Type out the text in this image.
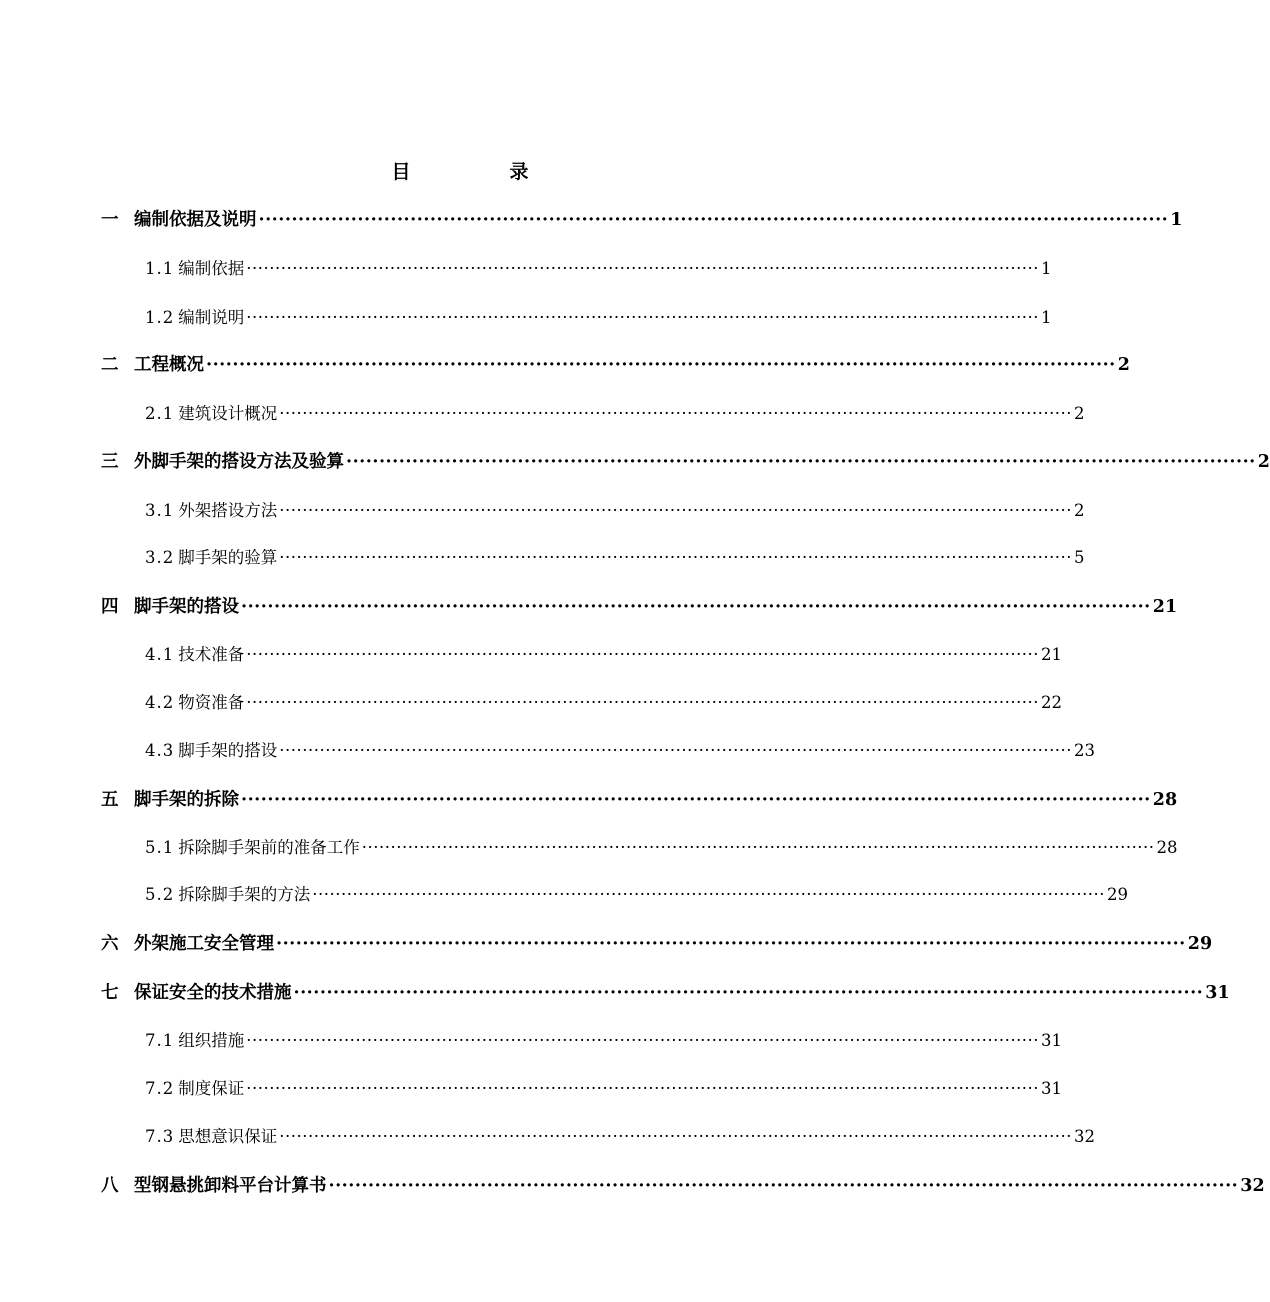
目　录
一 编制依据及说明 ·········································································································································· 1
1.1 编制依据 ·········································································································································· 1
1.2 编制说明 ·········································································································································· 1
二 工程概况 ·········································································································································· 2
2.1 建筑设计概况 ·········································································································································· 2
三 外脚手架的搭设方法及验算 ·········································································································································· 2
3.1 外架搭设方法 ·········································································································································· 2
3.2 脚手架的验算 ·········································································································································· 5
四 脚手架的搭设 ·········································································································································· 21
4.1 技术准备 ·········································································································································· 21
4.2 物资准备 ·········································································································································· 22
4.3 脚手架的搭设 ·········································································································································· 23
五 脚手架的拆除 ·········································································································································· 28
5.1 拆除脚手架前的准备工作 ·········································································································································· 28
5.2 拆除脚手架的方法 ·········································································································································· 29
六 外架施工安全管理 ·········································································································································· 29
七 保证安全的技术措施 ·········································································································································· 31
7.1 组织措施 ·········································································································································· 31
7.2 制度保证 ·········································································································································· 31
7.3 思想意识保证 ·········································································································································· 32
八 型钢悬挑卸料平台计算书 ·········································································································································· 32
